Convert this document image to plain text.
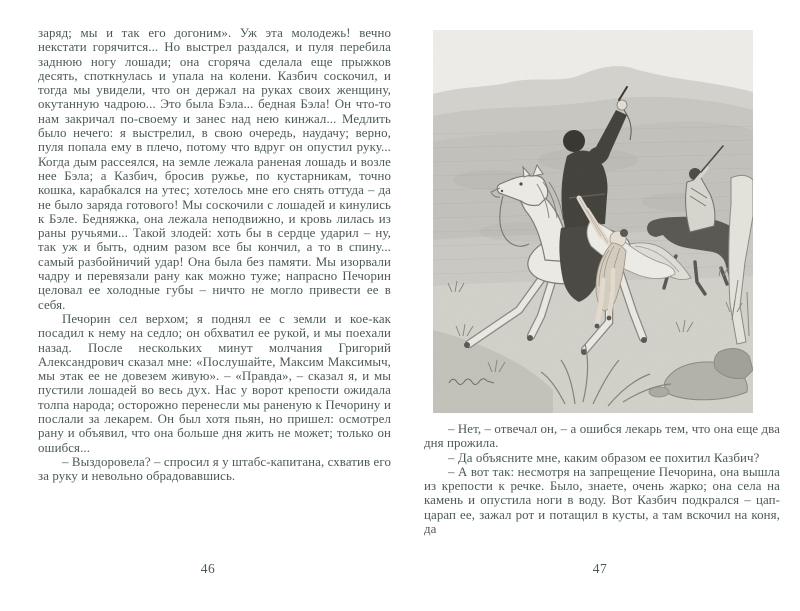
заряд; мы и так его догоним». Уж эта молодежь! вечно некстати горячится... Но выстрел раздался, и пуля перебила заднюю ногу лошади; она сгоряча сделала еще прыжков десять, споткнулась и упала на колени. Казбич соскочил, и тогда мы увидели, что он держал на руках своих женщину, окутанную чадрою... Это была Бэла... бедная Бэла! Он что-то нам закричал по-своему и занес над нею кинжал... Медлить было нечего: я выстрелил, в свою очередь, наудачу; верно, пуля попала ему в плечо, потому что вдруг он опустил руку... Когда дым рассеялся, на земле лежала раненая лошадь и возле нее Бэла; а Казбич, бросив ружье, по кустарникам, точно кошка, карабкался на утес; хотелось мне его снять оттуда – да не было заряда готового! Мы соскочили с лошадей и кинулись к Бэле. Бедняжка, она лежала неподвижно, и кровь лилась из раны ручьями... Такой злодей: хоть бы в сердце ударил – ну, так уж и быть, одним разом все бы кончил, а то в спину... самый разбойничий удар! Она была без памяти. Мы изорвали чадру и перевязали рану как можно туже; напрасно Печорин целовал ее холодные губы – ничто не могло привести ее в себя.

Печорин сел верхом; я поднял ее с земли и кое-как посадил к нему на седло; он обхватил ее рукой, и мы поехали назад. После нескольких минут молчания Григорий Александрович сказал мне: «Послушайте, Максим Максимыч, мы этак ее не довезем живую». – «Правда», – сказал я, и мы пустили лошадей во весь дух. Нас у ворот крепости ожидала толпа народа; осторожно перенесли мы раненую к Печорину и послали за лекарем. Он был хотя пьян, но пришел: осмотрел рану и объявил, что она больше дня жить не может; только он ошибся...

– Выздоровела? – спросил я у штабс-капитана, схватив его за руку и невольно обрадовавшись.

46

– Нет, – отвечал он, – а ошибся лекарь тем, что она еще два дня прожила.

– Да объясните мне, каким образом ее похитил Казбич?

– А вот так: несмотря на запрещение Печорина, она вышла из крепости к речке. Было, знаете, очень жарко; она села на камень и опустила ноги в воду. Вот Казбич подкрался – цап-царап ее, зажал рот и потащил в кусты, а там вскочил на коня, да

47
